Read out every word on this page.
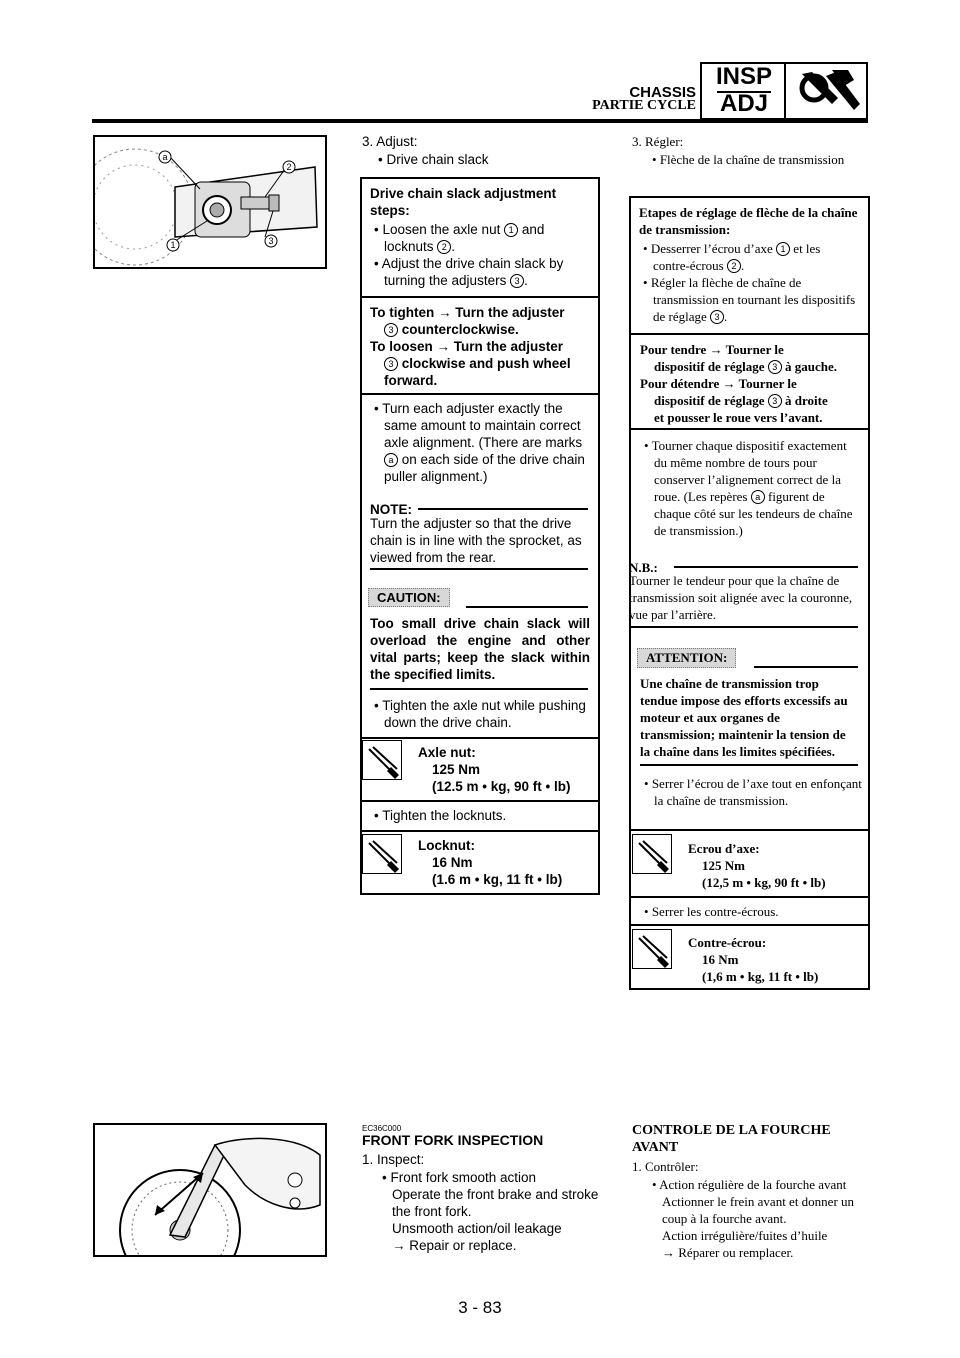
CHASSIS
PARTIE CYCLE
INSP
ADJ
a
2
1	3
3. Adjust:
• Drive chain slack
Drive chain slack adjustment steps:

• Loosen the axle nut 1 and locknuts 2 .

• Adjust the drive chain slack by turning the adjusters 3 .

To tighten → Turn the adjuster
3 counterclockwise.
To loosen → Turn the adjuster
3 clockwise and push wheel forward.

• Turn each adjuster exactly the same amount to maintain correct axle alignment. (There are marks a on each side of the drive chain puller alignment.)

NOTE:
Turn the adjuster so that the drive chain is in line with the sprocket, as viewed from the rear.
CAUTION:
Too small drive chain slack will overload the engine and other vital parts; keep the slack within the specified limits.

• Tighten the axle nut while pushing down the drive chain.

Axle nut:
125 Nm
(12.5 m • kg, 90 ft • lb)

• Tighten the locknuts.

Locknut:
16 Nm
(1.6 m • kg, 11 ft • lb)
3. Régler:

• Flèche de la chaîne de transmission

Etapes de réglage de flèche de la chaîne de transmission:

• Desserrer l’écrou d’axe 1 et les contre-écrous 2 .

• Régler la flèche de chaîne de transmission en tournant les dispositifs de réglage 3 .

Pour tendre → Tourner le
dispositif de réglage 3 à gauche.
Pour détendre → Tourner le
dispositif de réglage 3 à droite
et pousser le roue vers l’avant.

• Tourner chaque dispositif exactement du même nombre de tours pour conserver l’alignement correct de la roue. (Les repères a figurent de chaque côté sur les tendeurs de chaîne de transmission.)

N.B.:
Tourner le tendeur pour que la chaîne de transmission soit alignée avec la couronne, vue par l’arrière.
ATTENTION:
Une chaîne de transmission trop tendue impose des efforts excessifs au moteur et aux organes de transmission; maintenir la tension de la chaîne dans les limites spécifiées.

• Serrer l’écrou de l’axe tout en enfonçant la chaîne de transmission.

Ecrou d’axe:
125 Nm
(12,5 m • kg, 90 ft • lb)

• Serrer les contre-écrous.

Contre-écrou:
16 Nm
(1,6 m • kg, 11 ft • lb)
EC36C000
FRONT FORK INSPECTION
1. Inspect:

• Front fork smooth action

Operate the front brake and stroke the front fork.
Unsmooth action/oil leakage
→ Repair or replace.
CONTROLE DE LA FOURCHE AVANT
1. Contrôler:

• Action régulière de la fourche avant

Actionner le frein avant et donner un coup à la fourche avant.
Action irrégulière/fuites d’huile
→ Réparer ou remplacer.
3 - 83
